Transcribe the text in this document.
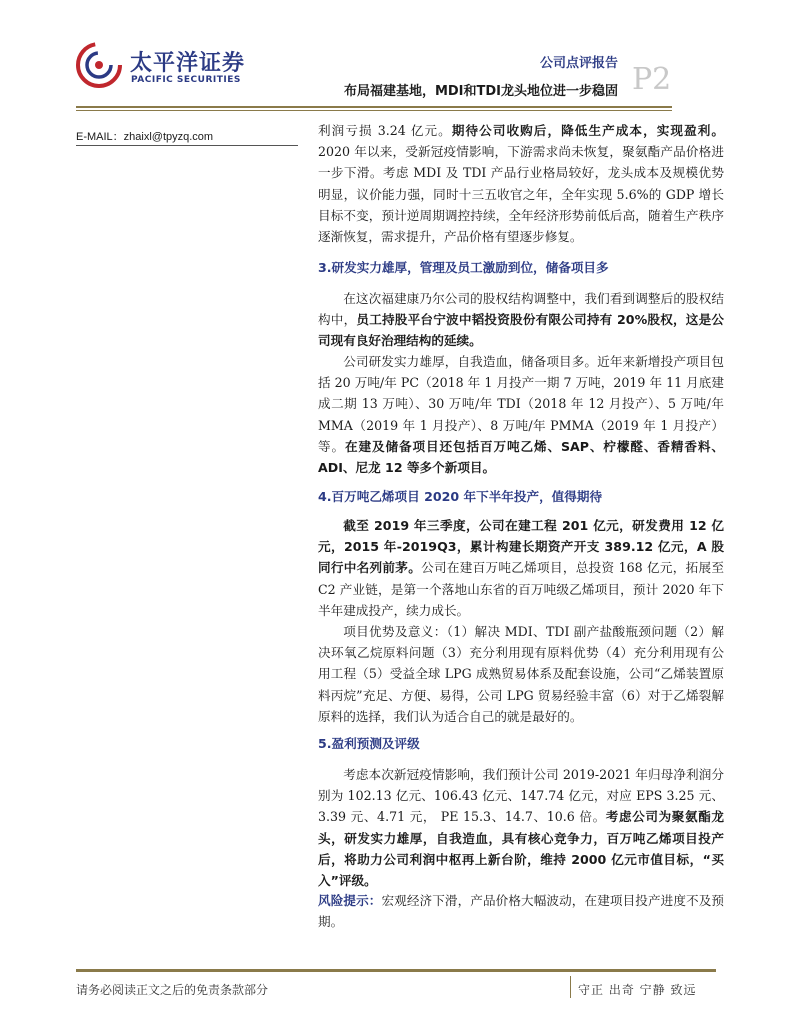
太平洋证券
PACIFIC SECURITIES
公司点评报告
布局福建基地，MDI和TDI龙头地位进一步稳固 P2
E-MAIL：zhaixl@tpyzq.com	利润亏损 3.24 亿元。期待公司收购后，降低生产成本，实现盈利。2020 年以来，受新冠疫情影响，下游需求尚未恢复，聚氨酯产品价格进一步下滑。考虑 MDI 及 TDI 产品行业格局较好，龙头成本及规模优势明显，议价能力强，同时十三五收官之年，全年实现 5.6%的 GDP 增长目标不变，预计逆周期调控持续，全年经济形势前低后高，随着生产秩序逐渐恢复，需求提升，产品价格有望逐步修复。

3.研发实力雄厚，管理及员工激励到位，储备项目多

在这次福建康乃尔公司的股权结构调整中，我们看到调整后的股权结构中，员工持股平台宁波中韬投资股份有限公司持有 20%股权，这是公司现有良好治理结构的延续。

公司研发实力雄厚，自我造血，储备项目多。近年来新增投产项目包括 20 万吨/年 PC（2018 年 1 月投产一期 7 万吨，2019 年 11 月底建成二期 13 万吨）、30 万吨/年 TDI（2018 年 12 月投产）、5 万吨/年 MMA（2019 年 1 月投产）、8 万吨/年 PMMA（2019 年 1 月投产）等。在建及储备项目还包括百万吨乙烯、SAP、柠檬醛、香精香料、ADI、尼龙 12 等多个新项目。

4.百万吨乙烯项目 2020 年下半年投产，值得期待

截至 2019 年三季度，公司在建工程 201 亿元，研发费用 12 亿元，2015 年-2019Q3，累计构建长期资产开支 389.12 亿元，A 股同行中名列前茅。公司在建百万吨乙烯项目，总投资 168 亿元，拓展至 C2 产业链，是第一个落地山东省的百万吨级乙烯项目，预计 2020 年下半年建成投产，续力成长。

项目优势及意义：（1）解决 MDI、TDI 副产盐酸瓶颈问题（2）解决环氧乙烷原料问题（3）充分利用现有原料优势（4）充分利用现有公用工程（5）受益全球 LPG 成熟贸易体系及配套设施，公司“乙烯装置原料丙烷”充足、方便、易得，公司 LPG 贸易经验丰富（6）对于乙烯裂解原料的选择，我们认为适合自己的就是最好的。

5.盈利预测及评级

考虑本次新冠疫情影响，我们预计公司 2019-2021 年归母净利润分别为 102.13 亿元、106.43 亿元、147.74 亿元，对应 EPS 3.25 元、3.39 元、4.71 元， PE 15.3、14.7、10.6 倍。考虑公司为聚氨酯龙头，研发实力雄厚，自我造血，具有核心竞争力，百万吨乙烯项目投产后，将助力公司利润中枢再上新台阶，维持 2000 亿元市值目标，“买入”评级。

风险提示：宏观经济下滑，产品价格大幅波动，在建项目投产进度不及预期。

请务必阅读正文之后的免责条款部分	守正 出奇 宁静 致远
